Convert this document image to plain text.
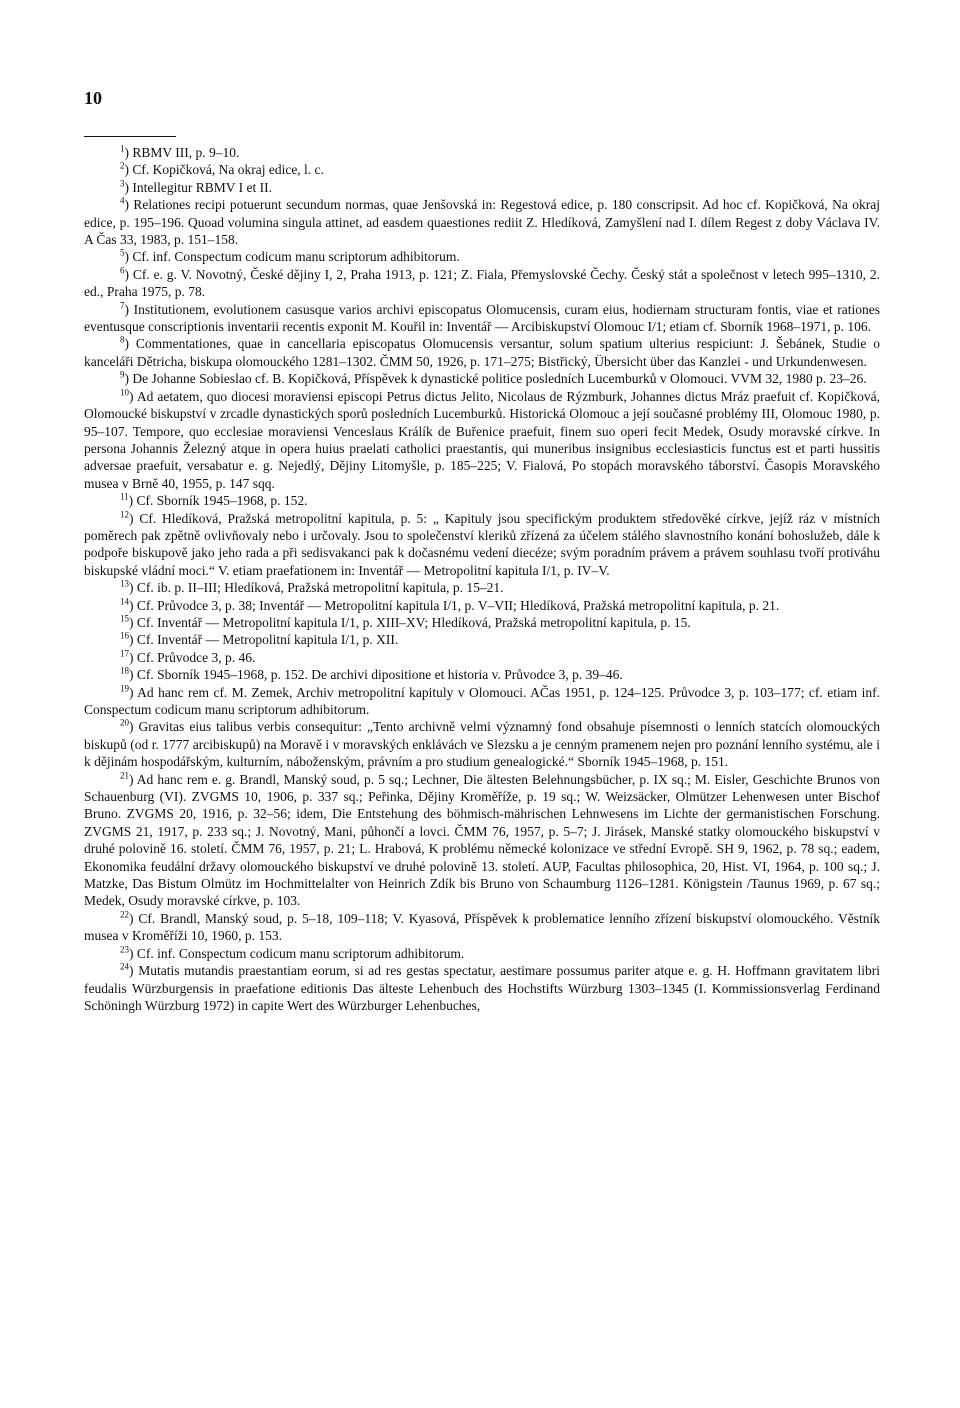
10

$^1$) RBMV III, p. 9–10.

$^2$) Cf. Kopičková, Na okraj edice, l. c.

$^3$) Intellegitur RBMV I et II.

$^4$) Relationes recipi potuerunt secundum normas, quae Jenšovská in: Regestová edice, p. 180 conscripsit. Ad hoc cf. Kopičková, Na okraj edice, p. 195–196. Quoad volumina singula attinet, ad easdem quaestiones rediit Z. Hledíková, Zamyšlení nad I. dílem Regest z doby Václava IV. A Čas 33, 1983, p. 151–158.

$^5$) Cf. inf. Conspectum codicum manu scriptorum adhibitorum.

$^6$) Cf. e. g. V. Novotný, České dějiny I, 2, Praha 1913, p. 121; Z. Fiala, Přemyslovské Čechy. Český stát a společnost v letech 995–1310, 2. ed., Praha 1975, p. 78.

$^7$) Institutionem, evolutionem casusque varios archivi episcopatus Olomucensis, curam eius, hodiernam structuram fontis, viae et rationes eventusque conscriptionis inventarii recentis exponit M. Kouřil in: Inventář — Arcibiskupství Olomouc I/1; etiam cf. Sborník 1968–1971, p. 106.

$^8$) Commentationes, quae in cancellaria episcopatus Olomucensis versantur, solum spatium ulterius respiciunt: J. Šebánek, Studie o kanceláři Dětricha, biskupa olomouckého 1281–1302. ČMM 50, 1926, p. 171–275; Bistřický, Übersicht über das Kanzlei - und Urkundenwesen.

$^9$) De Johanne Sobieslao cf. B. Kopičková, Příspěvek k dynastické politice posledních Lucemburků v Olomouci. VVM 32, 1980 p. 23–26.

$^{10}$) Ad aetatem, quo diocesi moraviensi episcopi Petrus dictus Jelito, Nicolaus de Rýzmburk, Johannes dictus Mráz praefuit cf. Kopičková, Olomoucké biskupství v zrcadle dynastických sporů posledních Lucemburků. Historická Olomouc a její současné problémy III, Olomouc 1980, p. 95–107. Tempore, quo ecclesiae moraviensi Venceslaus Králík de Buřenice praefuit, finem suo operi fecit Medek, Osudy moravské církve. In persona Johannis Železný atque in opera huius praelati catholici praestantis, qui muneribus insignibus ecclesiasticis functus est et parti hussitis adversae praefuit, versabatur e. g. Nejedlý, Dějiny Litomyšle, p. 185–225; V. Fialová, Po stopách moravského táborství. Časopis Moravského musea v Brně 40, 1955, p. 147 sqq.

$^{11}$) Cf. Sborník 1945–1968, p. 152.

$^{12}$) Cf. Hledíková, Pražská metropolitní kapitula, p. 5: „ Kapituly jsou specifickým produktem středověké církve, jejíž ráz v místních poměrech pak zpětně ovlivňovaly nebo i určovaly. Jsou to společenství kleriků zřízená za účelem stálého slavnostního konání bohoslužeb, dále k podpoře biskupově jako jeho rada a při sedisvakanci pak k dočasnému vedení diecéze; svým poradním právem a právem souhlasu tvoří protiváhu biskupské vládní moci.“ V. etiam praefationem in: Inventář — Metropolitní kapitula I/1, p. IV–V.

$^{13}$) Cf. ib. p. II–III; Hledíková, Pražská metropolitní kapitula, p. 15–21.

$^{14}$) Cf. Průvodce 3, p. 38; Inventář — Metropolitní kapitula I/1, p. V–VII; Hledíková, Pražská metropolitní kapitula, p. 21.

$^{15}$) Cf. Inventář — Metropolitní kapitula I/1, p. XIII–XV; Hledíková, Pražská metropolitní kapitula, p. 15.

$^{16}$) Cf. Inventář — Metropolitní kapitula I/1, p. XII.

$^{17}$) Cf. Průvodce 3, p. 46.

$^{18}$) Cf. Sborník 1945–1968, p. 152. De archivi dipositione et historia v. Průvodce 3, p. 39–46.

$^{19}$) Ad hanc rem cf. M. Zemek, Archiv metropolitní kapituly v Olomouci. AČas 1951, p. 124–125. Průvodce 3, p. 103–177; cf. etiam inf. Conspectum codicum manu scriptorum adhibitorum.

$^{20}$) Gravitas eius talibus verbis consequitur: „Tento archivně velmi významný fond obsahuje písemnosti o lenních statcích olomouckých biskupů (od r. 1777 arcibiskupů) na Moravě i v moravských enklávách ve Slezsku a je cenným pramenem nejen pro poznání lenního systému, ale i k dějinám hospodářským, kulturním, náboženským, právním a pro studium genealogické.“ Sborník 1945–1968, p. 151.

$^{21}$) Ad hanc rem e. g. Brandl, Manský soud, p. 5 sq.; Lechner, Die ältesten Belehnungsbücher, p. IX sq.; M. Eisler, Geschichte Brunos von Schauenburg (VI). ZVGMS 10, 1906, p. 337 sq.; Peřinka, Dějiny Kroměříže, p. 19 sq.; W. Weizsäcker, Olmützer Lehenwesen unter Bischof Bruno. ZVGMS 20, 1916, p. 32–56; idem, Die Entstehung des böhmisch-mährischen Lehnwesens im Lichte der germanistischen Forschung. ZVGMS 21, 1917, p. 233 sq.; J. Novotný, Mani, půhončí a lovci. ČMM 76, 1957, p. 5–7; J. Jirásek, Manské statky olomouckého biskupství v druhé polovině 16. století. ČMM 76, 1957, p. 21; L. Hrabová, K problému německé kolonizace ve střední Evropě. SH 9, 1962, p. 78 sq.; eadem, Ekonomika feudální državy olomouckého biskupství ve druhé polovině 13. století. AUP, Facultas philosophica, 20, Hist. VI, 1964, p. 100 sq.; J. Matzke, Das Bistum Olmütz im Hochmittelalter von Heinrich Zdík bis Bruno von Schaumburg 1126–1281. Königstein /Taunus 1969, p. 67 sq.; Medek, Osudy moravské církve, p. 103.

$^{22}$) Cf. Brandl, Manský soud, p. 5–18, 109–118; V. Kyasová, Příspěvek k problematice lenního zřízení biskupství olomouckého. Věstník musea v Kroměříži 10, 1960, p. 153.

$^{23}$) Cf. inf. Conspectum codicum manu scriptorum adhibitorum.

$^{24}$) Mutatis mutandis praestantiam eorum, si ad res gestas spectatur, aestimare possumus pariter atque e. g. H. Hoffmann gravitatem libri feudalis Würzburgensis in praefatione editionis Das älteste Lehenbuch des Hochstifts Würzburg 1303–1345 (I. Kommissionsverlag Ferdinand Schöningh Würzburg 1972) in capite Wert des Würzburger Lehenbuches,
